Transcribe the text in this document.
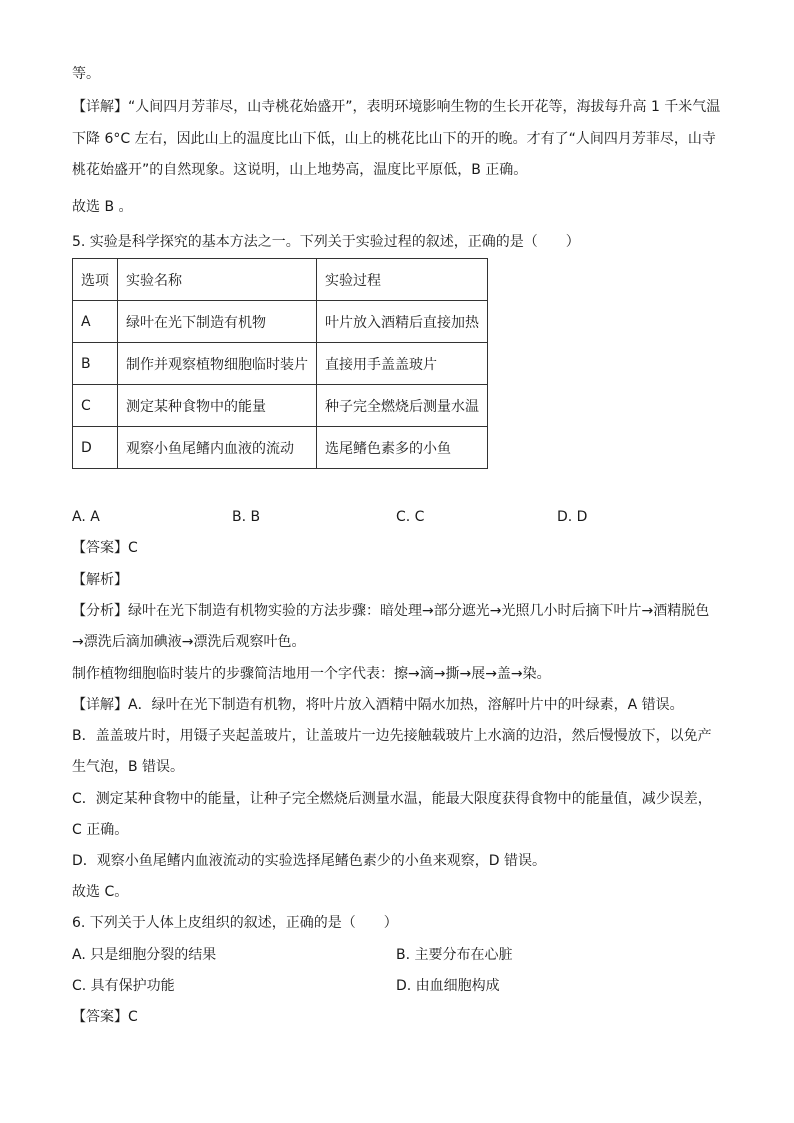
等。
【详解】“人间四月芳菲尽，山寺桃花始盛开”，表明环境影响生物的生长开花等，海拔每升高 1 千米气温
下降 6°C 左右，因此山上的温度比山下低，山上的桃花比山下的开的晚。才有了“人间四月芳菲尽，山寺
桃花始盛开”的自然现象。这说明，山上地势高，温度比平原低，B 正确。
故选 B 。
5. 实验是科学探究的基本方法之一。下列关于实验过程的叙述，正确的是（　　）
选项	实验名称	实验过程
A	绿叶在光下制造有机物	叶片放入酒精后直接加热
B	制作并观察植物细胞临时装片	直接用手盖盖玻片
C	测定某种食物中的能量	种子完全燃烧后测量水温
D	观察小鱼尾鳍内血液的流动	选尾鳍色素多的小鱼
A. A	B. B	C. C	D. D
【答案】C
【解析】
【分析】绿叶在光下制造有机物实验的方法步骤：暗处理→部分遮光→光照几小时后摘下叶片→酒精脱色
→漂洗后滴加碘液→漂洗后观察叶色。
制作植物细胞临时装片的步骤简洁地用一个字代表：擦→滴→撕→展→盖→染。
【详解】A．绿叶在光下制造有机物，将叶片放入酒精中隔水加热，溶解叶片中的叶绿素，A 错误。
B．盖盖玻片时，用镊子夹起盖玻片，让盖玻片一边先接触载玻片上水滴的边沿，然后慢慢放下，以免产
生气泡，B 错误。
C．测定某种食物中的能量，让种子完全燃烧后测量水温，能最大限度获得食物中的能量值，减少误差，
C 正确。
D．观察小鱼尾鳍内血液流动的实验选择尾鳍色素少的小鱼来观察，D 错误。
故选 C。
6. 下列关于人体上皮组织的叙述，正确的是（　　）
A. 只是细胞分裂的结果	B. 主要分布在心脏
C. 具有保护功能	D. 由血细胞构成
【答案】C
